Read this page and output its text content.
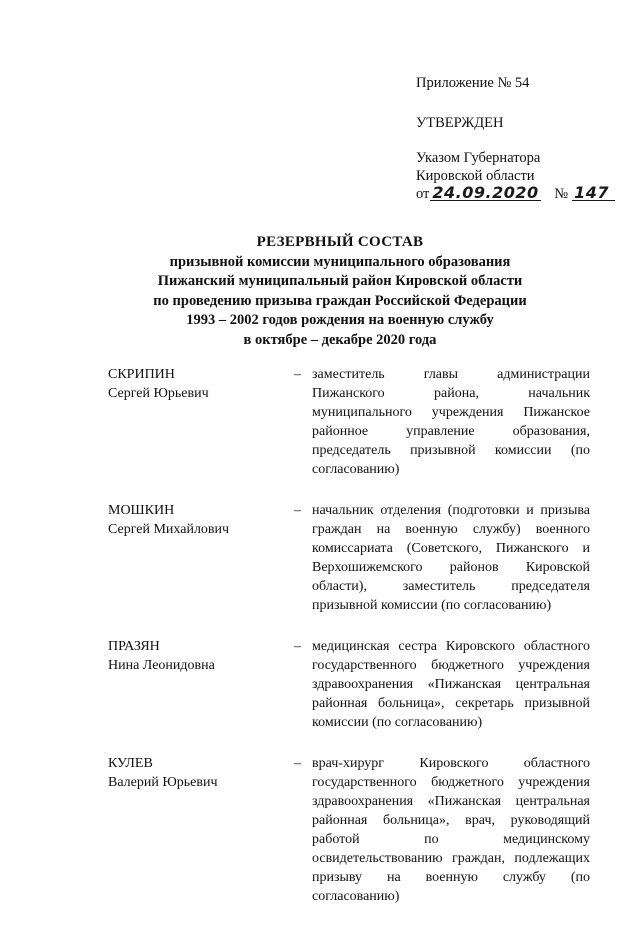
Приложение № 54

УТВЕРЖДЕН

Указом Губернатора
Кировской области
от 24.09.2020 № 147
РЕЗЕРВНЫЙ СОСТАВ
призывной комиссии муниципального образования
Пижанский муниципальный район Кировской области
по проведению призыва граждан Российской Федерации
1993 – 2002 годов рождения на военную службу
в октябре – декабре 2020 года
СКРИПИН
Сергей Юрьевич
– заместитель главы администрации Пижанского района, начальник муниципального учреждения Пижанское районное управление образования, председатель призывной комиссии (по согласованию)
МОШКИН
Сергей Михайлович
– начальник отделения (подготовки и призыва граждан на военную службу) военного комиссариата (Советского, Пижанского и Верхошижемского районов Кировской области), заместитель председателя призывной комиссии (по согласованию)
ПРАЗЯН
Нина Леонидовна
– медицинская сестра Кировского областного государственного бюджетного учреждения здравоохранения «Пижанская центральная районная больница», секретарь призывной комиссии (по согласованию)
КУЛЕВ
Валерий Юрьевич
– врач-хирург Кировского областного государственного бюджетного учреждения здравоохранения «Пижанская центральная районная больница», врач, руководящий работой по медицинскому освидетельствованию граждан, подлежащих призыву на военную службу (по согласованию)
